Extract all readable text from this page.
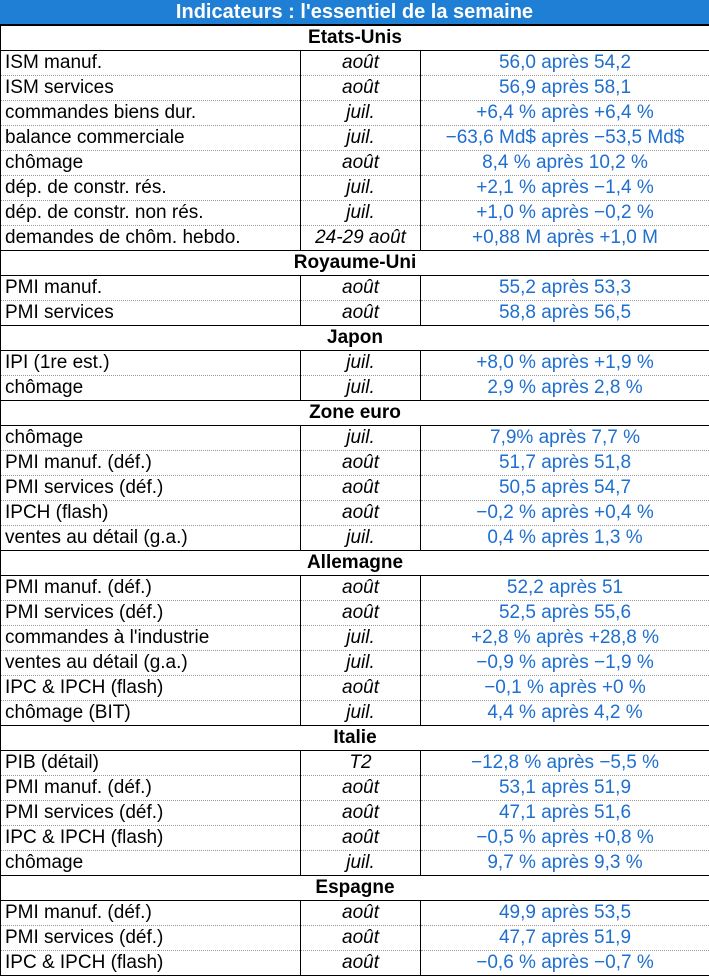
Indicateurs : l'essentiel de la semaine
Etats-Unis		
ISM manuf.	août	56,0 après 54,2
ISM services	août	56,9 après 58,1
commandes biens dur.	juil.	+6,4 % après +6,4 %
balance commerciale	juil.	−63,6 Md$ après −53,5 Md$
chômage	août	8,4 % après 10,2 %
dép. de constr. rés.	juil.	+2,1 % après −1,4 %
dép. de constr. non rés.	juil.	+1,0 % après −0,2 %
demandes de chôm. hebdo.	24-29 août	+0,88 M après +1,0 M
Royaume-Uni		
PMI manuf.	août	55,2 après 53,3
PMI services	août	58,8 après 56,5
Japon		
IPI (1re est.)	juil.	+8,0 % après +1,9 %
chômage	juil.	2,9 % après 2,8 %
Zone euro		
chômage	juil.	7,9% après 7,7 %
PMI manuf. (déf.)	août	51,7 après 51,8
PMI services (déf.)	août	50,5 après 54,7
IPCH (flash)	août	−0,2 % après +0,4 %
ventes au détail (g.a.)	juil.	0,4 % après 1,3 %
Allemagne		
PMI manuf. (déf.)	août	52,2 après 51
PMI services (déf.)	août	52,5 après 55,6
commandes à l'industrie	juil.	+2,8 % après +28,8 %
ventes au détail (g.a.)	juil.	−0,9 % après −1,9 %
IPC & IPCH (flash)	août	−0,1 % après +0 %
chômage (BIT)	juil.	4,4 % après 4,2 %
Italie		
PIB (détail)	T2	−12,8 % après −5,5 %
PMI manuf. (déf.)	août	53,1 après 51,9
PMI services (déf.)	août	47,1 après 51,6
IPC & IPCH (flash)	août	−0,5 % après +0,8 %
chômage	juil.	9,7 % après 9,3 %
Espagne		
PMI manuf. (déf.)	août	49,9 après 53,5
PMI services (déf.)	août	47,7 après 51,9
IPC & IPCH (flash)	août	−0,6 % après −0,7 %
